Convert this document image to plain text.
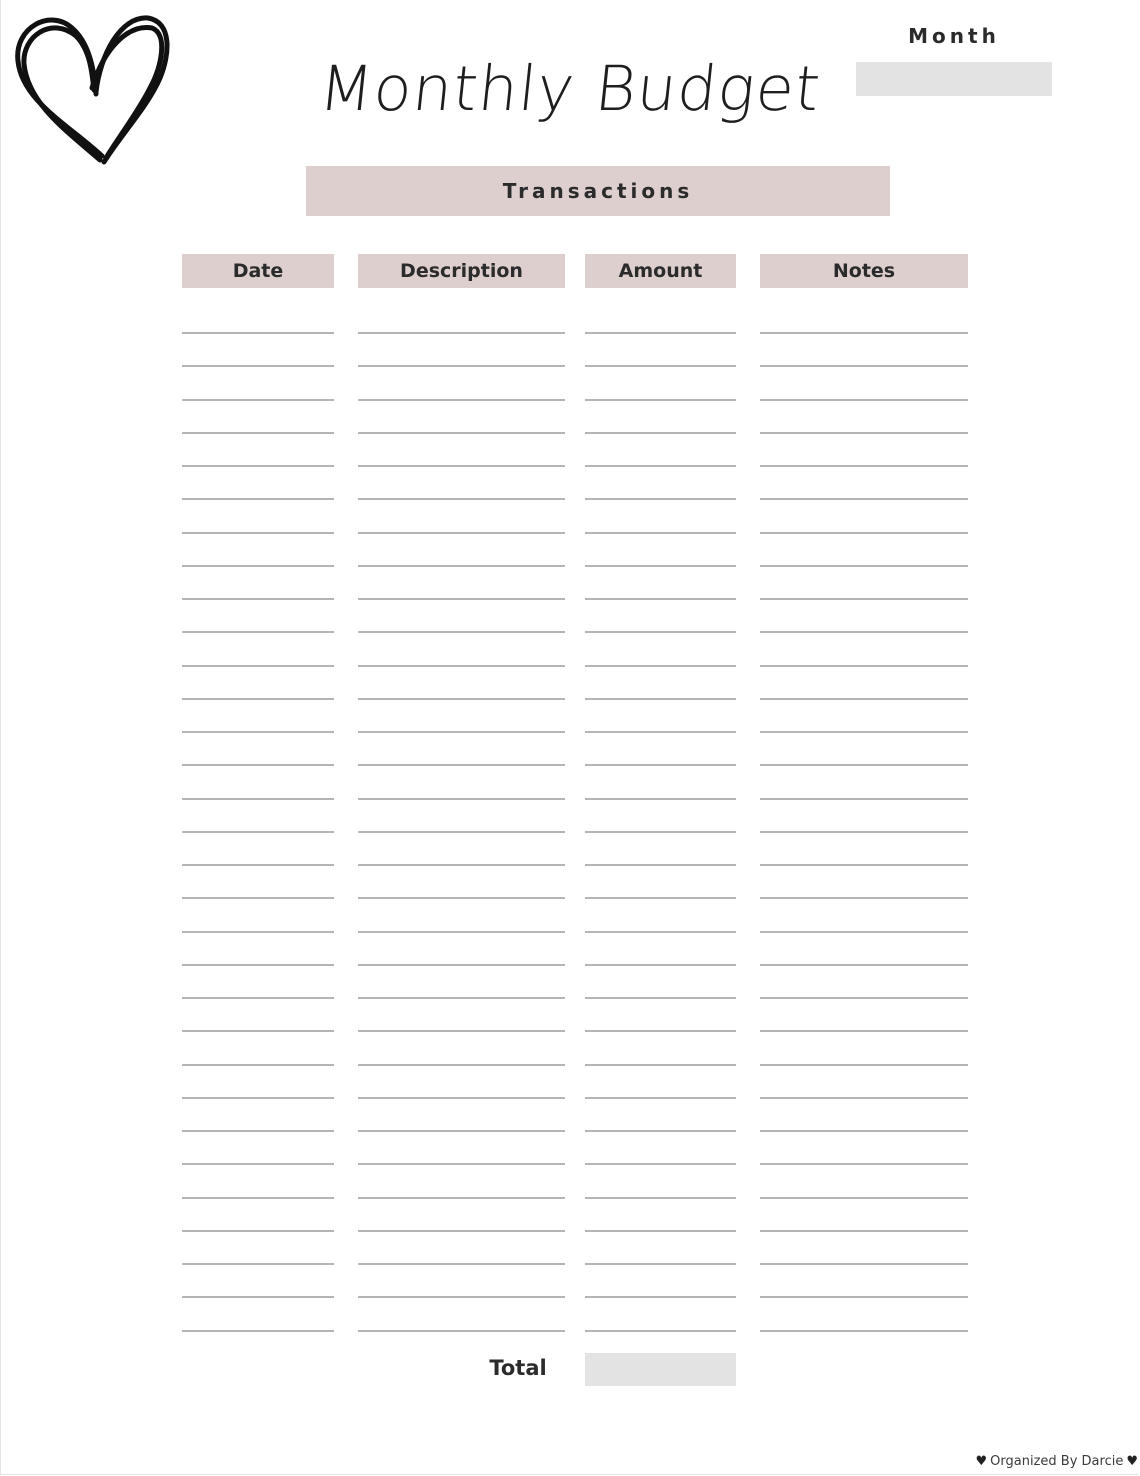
Monthly Budget
Month
Transactions
Date	Description	Amount	Notes
Total
♥ Organized By Darcie ♥
